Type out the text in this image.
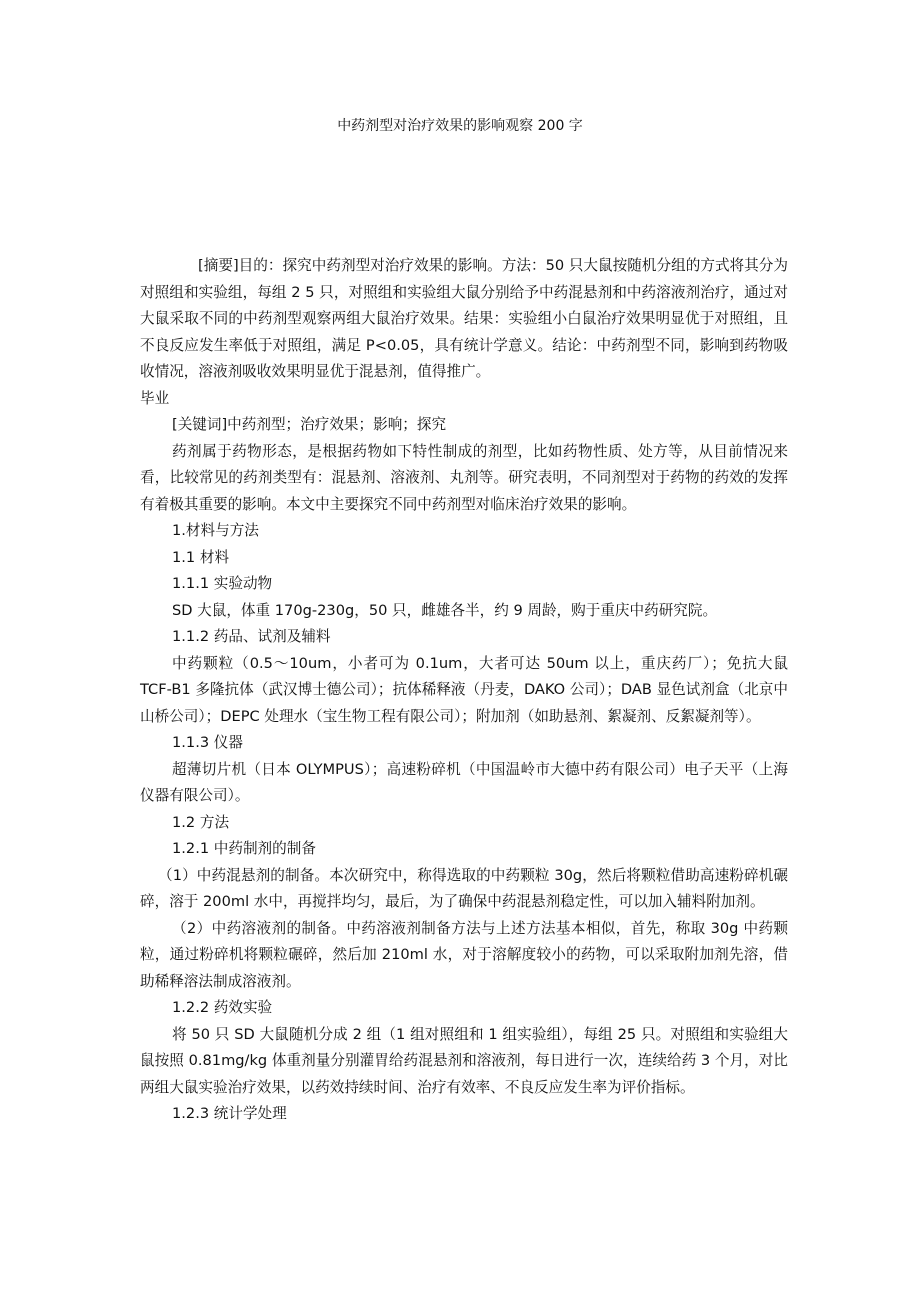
中药剂型对治疗效果的影响观察 200 字

[摘要]目的：探究中药剂型对治疗效果的影响。方法：50 只大鼠按随机分组的方式将其分为对照组和实验组，每组 2 5 只，对照组和实验组大鼠分别给予中药混悬剂和中药溶液剂治疗，通过对大鼠采取不同的中药剂型观察两组大鼠治疗效果。结果：实验组小白鼠治疗效果明显优于对照组，且不良反应发生率低于对照组，满足 P<0.05，具有统计学意义。结论：中药剂型不同，影响到药物吸收情况，溶液剂吸收效果明显优于混悬剂，值得推广。

毕业

[关键词]中药剂型；治疗效果；影响；探究

药剂属于药物形态，是根据药物如下特性制成的剂型，比如药物性质、处方等，从目前情况来看，比较常见的药剂类型有：混悬剂、溶液剂、丸剂等。研究表明，不同剂型对于药物的药效的发挥有着极其重要的影响。本文中主要探究不同中药剂型对临床治疗效果的影响。

1.材料与方法

1.1 材料

1.1.1 实验动物

SD 大鼠，体重 170g-230g，50 只，雌雄各半，约 9 周龄，购于重庆中药研究院。

1.1.2 药品、试剂及辅料

中药颗粒（0.5～10um，小者可为 0.1um，大者可达 50um 以上，重庆药厂）；免抗大鼠 TCF-B1 多隆抗体（武汉博士德公司）；抗体稀释液（丹麦，DAKO 公司）；DAB 显色试剂盒（北京中山桥公司）；DEPC 处理水（宝生物工程有限公司）；附加剂（如助悬剂、絮凝剂、反絮凝剂等）。

1.1.3 仪器

超薄切片机（日本 OLYMPUS）；高速粉碎机（中国温岭市大德中药有限公司）电子天平（上海仪器有限公司）。

1.2 方法

1.2.1 中药制剂的制备

（1）中药混悬剂的制备。本次研究中，称得选取的中药颗粒 30g，然后将颗粒借助高速粉碎机碾碎，溶于 200ml 水中，再搅拌均匀，最后，为了确保中药混悬剂稳定性，可以加入辅料附加剂。

（2）中药溶液剂的制备。中药溶液剂制备方法与上述方法基本相似，首先，称取 30g 中药颗粒，通过粉碎机将颗粒碾碎，然后加 210ml 水，对于溶解度较小的药物，可以采取附加剂先溶，借助稀释溶法制成溶液剂。

1.2.2 药效实验

将 50 只 SD 大鼠随机分成 2 组（1 组对照组和 1 组实验组），每组 25 只。对照组和实验组大鼠按照 0.81mg/kg 体重剂量分别灌胃给药混悬剂和溶液剂，每日进行一次，连续给药 3 个月，对比两组大鼠实验治疗效果，以药效持续时间、治疗有效率、不良反应发生率为评价指标。

1.2.3 统计学处理
